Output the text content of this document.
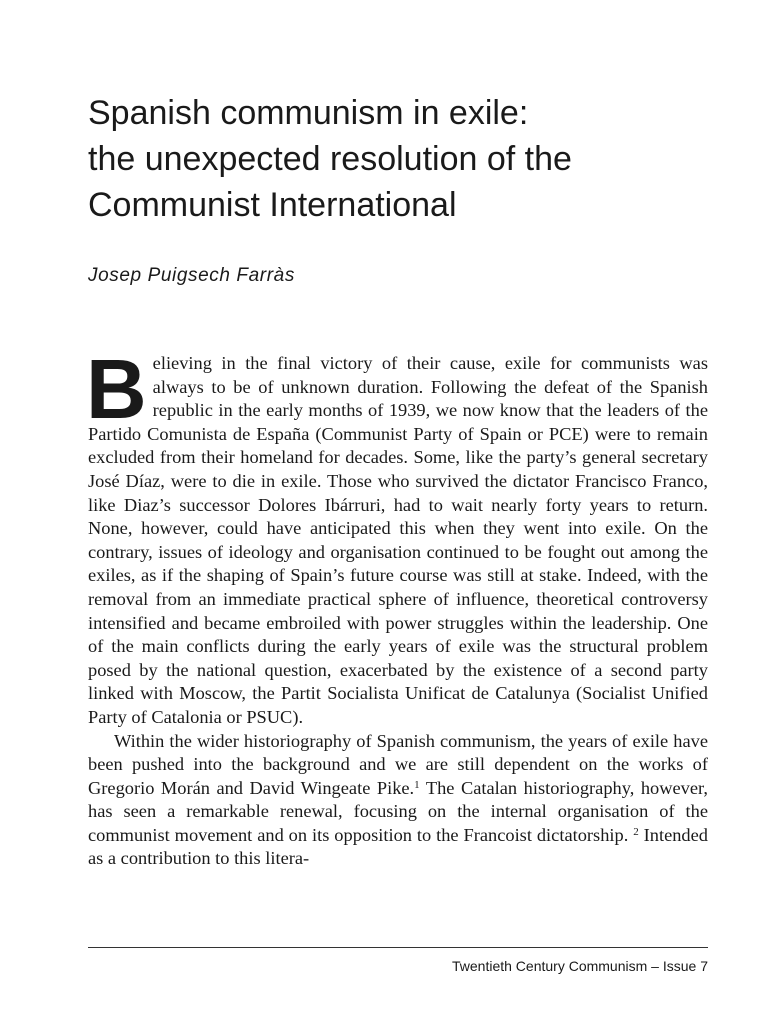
Spanish communism in exile:
the unexpected resolution of the
Communist International

Josep Puigsech Farràs

Believing in the final victory of their cause, exile for communists was always to be of unknown duration. Following the defeat of the Spanish republic in the early months of 1939, we now know that the leaders of the Partido Comunista de España (Communist Party of Spain or PCE) were to remain excluded from their homeland for decades. Some, like the party’s general secretary José Díaz, were to die in exile. Those who survived the dictator Francisco Franco, like Diaz’s successor Dolores Ibárruri, had to wait nearly forty years to return. None, however, could have anticipated this when they went into exile. On the contrary, issues of ideology and organisation continued to be fought out among the exiles, as if the shaping of Spain’s future course was still at stake. Indeed, with the removal from an immediate practical sphere of influence, theoretical controversy intensified and became embroiled with power struggles within the leadership. One of the main conflicts during the early years of exile was the structural problem posed by the national question, exacerbated by the existence of a second party linked with Moscow, the Partit Socialista Unificat de Catalunya (Socialist Unified Party of Catalonia or PSUC).

Within the wider historiography of Spanish communism, the years of exile have been pushed into the background and we are still dependent on the works of Gregorio Morán and David Wingeate Pike.$^1$ The Catalan historiography, however, has seen a remarkable renewal, focusing on the internal organisation of the communist movement and on its opposition to the Francoist dictatorship. $^2$ Intended as a contribution to this litera-

Twentieth Century Communism – Issue 7
